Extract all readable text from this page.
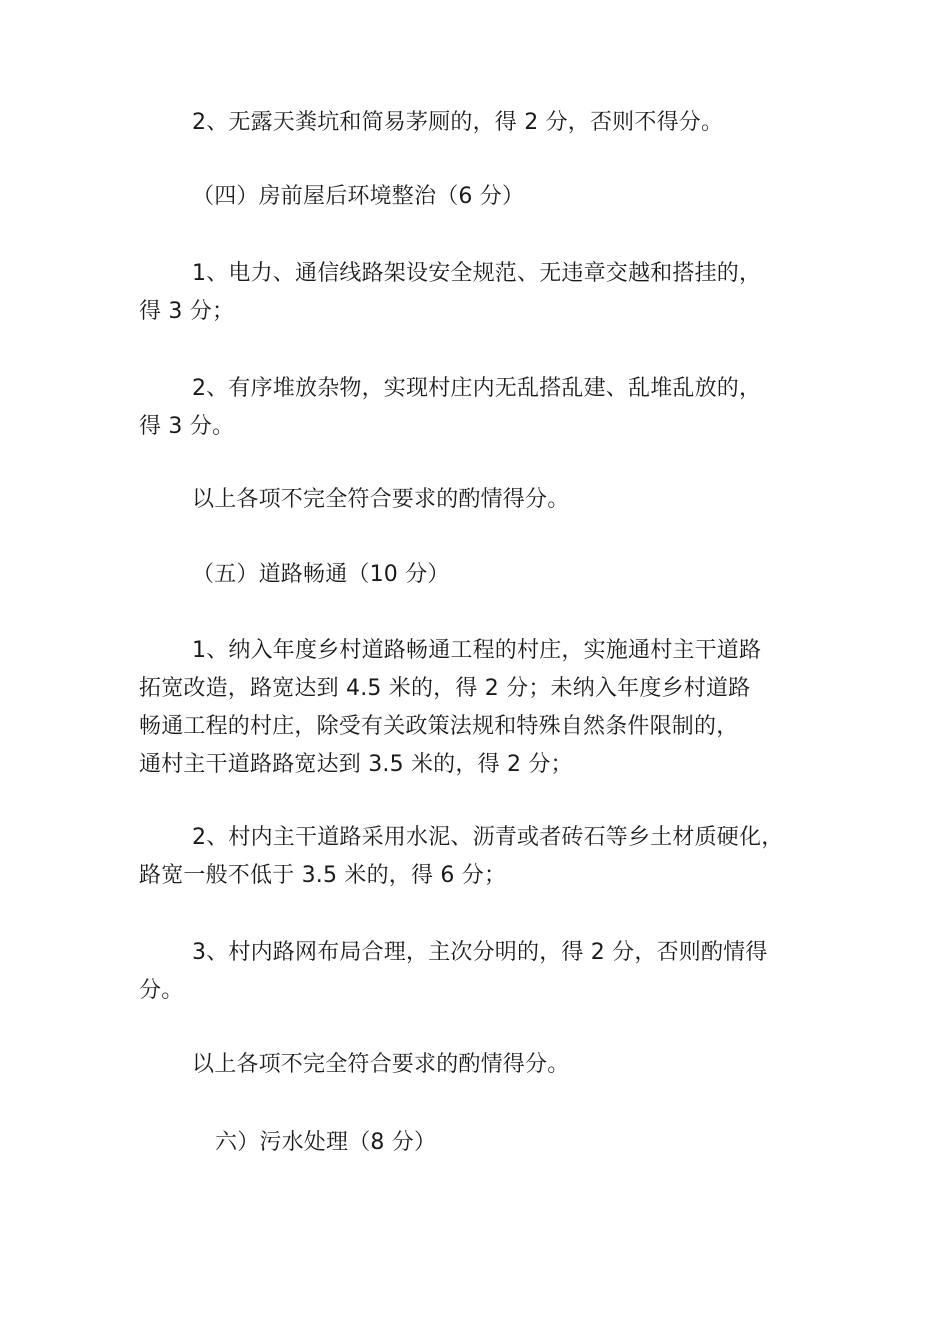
2、无露天粪坑和简易茅厕的，得 2 分，否则不得分。

（四）房前屋后环境整治（6 分）

1、电力、通信线路架设安全规范、无违章交越和搭挂的，

得 3 分；

2、有序堆放杂物，实现村庄内无乱搭乱建、乱堆乱放的，

得 3 分。

以上各项不完全符合要求的酌情得分。

（五）道路畅通（10 分）

1、纳入年度乡村道路畅通工程的村庄，实施通村主干道路

拓宽改造，路宽达到 4.5 米的，得 2 分；未纳入年度乡村道路

畅通工程的村庄，除受有关政策法规和特殊自然条件限制的，

通村主干道路路宽达到 3.5 米的，得 2 分；

2、村内主干道路采用水泥、沥青或者砖石等乡土材质硬化，

路宽一般不低于 3.5 米的，得 6 分；

3、村内路网布局合理，主次分明的，得 2 分，否则酌情得

分。

以上各项不完全符合要求的酌情得分。

六）污水处理（8 分）
